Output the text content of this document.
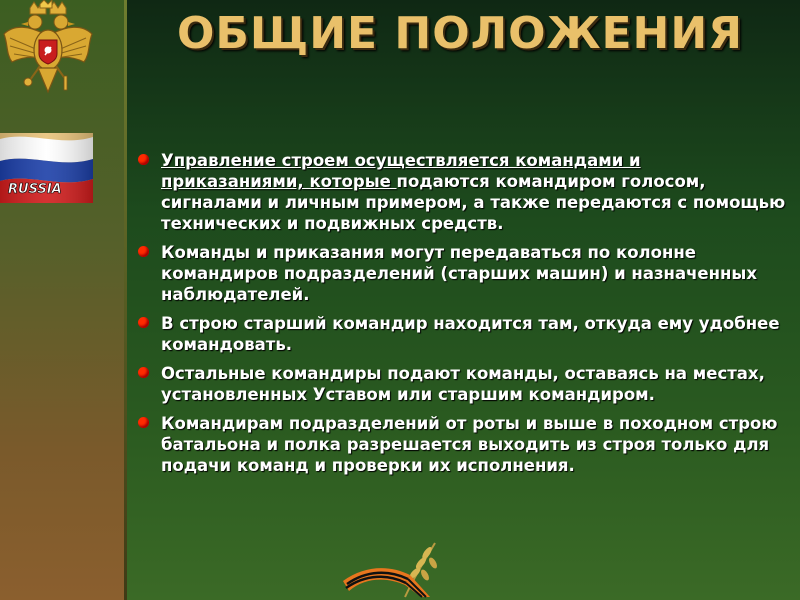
RUSSIA
ОБЩИЕ ПОЛОЖЕНИЯ
Управление строем осуществляется командами и приказаниями, которые подаются командиром голосом, сигналами и личным примером, а также передаются с помощью технических и подвижных средств.
Команды и приказания могут передаваться по колонне командиров подразделений (старших машин) и назначенных наблюдателей.
В строю старший командир находится там, откуда ему удобнее командовать.
Остальные командиры подают команды, оставаясь на местах, установленных Уставом или старшим командиром.
Командирам подразделений от роты и выше в походном строю батальона и полка разрешается выходить из строя только для подачи команд и проверки их исполнения.
